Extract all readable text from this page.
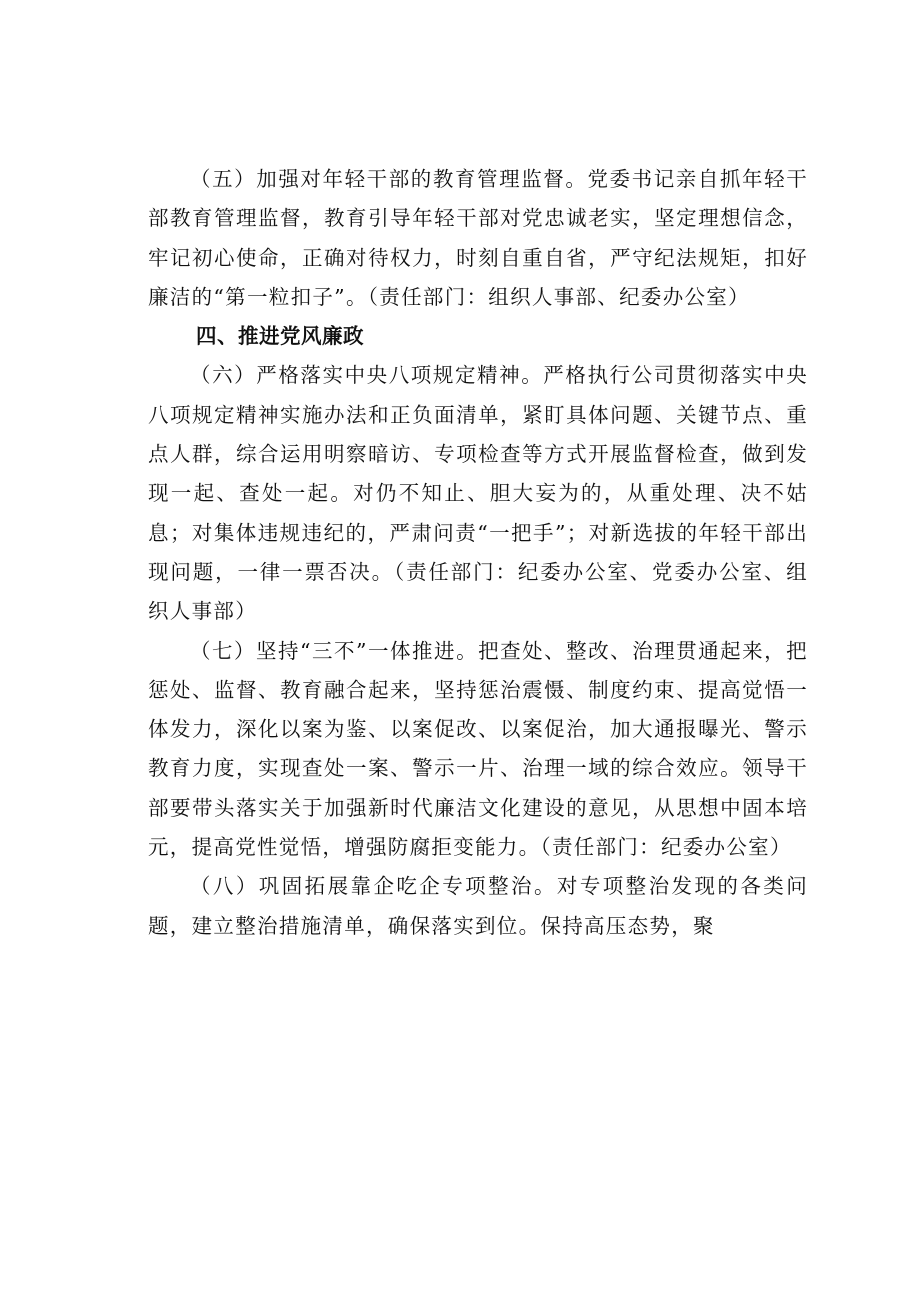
（五）加强对年轻干部的教育管理监督。党委书记亲自抓年轻干部教育管理监督，教育引导年轻干部对党忠诚老实，坚定理想信念，牢记初心使命，正确对待权力，时刻自重自省，严守纪法规矩，扣好廉洁的“第一粒扣子”。（责任部门：组织人事部、纪委办公室）

四、推进党风廉政

（六）严格落实中央八项规定精神。严格执行公司贯彻落实中央八项规定精神实施办法和正负面清单，紧盯具体问题、关键节点、重点人群，综合运用明察暗访、专项检查等方式开展监督检查，做到发现一起、查处一起。对仍不知止、胆大妄为的，从重处理、决不姑息；对集体违规违纪的，严肃问责“一把手”；对新选拔的年轻干部出现问题，一律一票否决。（责任部门：纪委办公室、党委办公室、组织人事部）

（七）坚持“三不”一体推进。把查处、整改、治理贯通起来，把惩处、监督、教育融合起来，坚持惩治震慑、制度约束、提高觉悟一体发力，深化以案为鉴、以案促改、以案促治，加大通报曝光、警示教育力度，实现查处一案、警示一片、治理一域的综合效应。领导干部要带头落实关于加强新时代廉洁文化建设的意见，从思想中固本培元，提高党性觉悟，增强防腐拒变能力。（责任部门：纪委办公室）

（八）巩固拓展靠企吃企专项整治。对专项整治发现的各类问题，建立整治措施清单，确保落实到位。保持高压态势，聚
